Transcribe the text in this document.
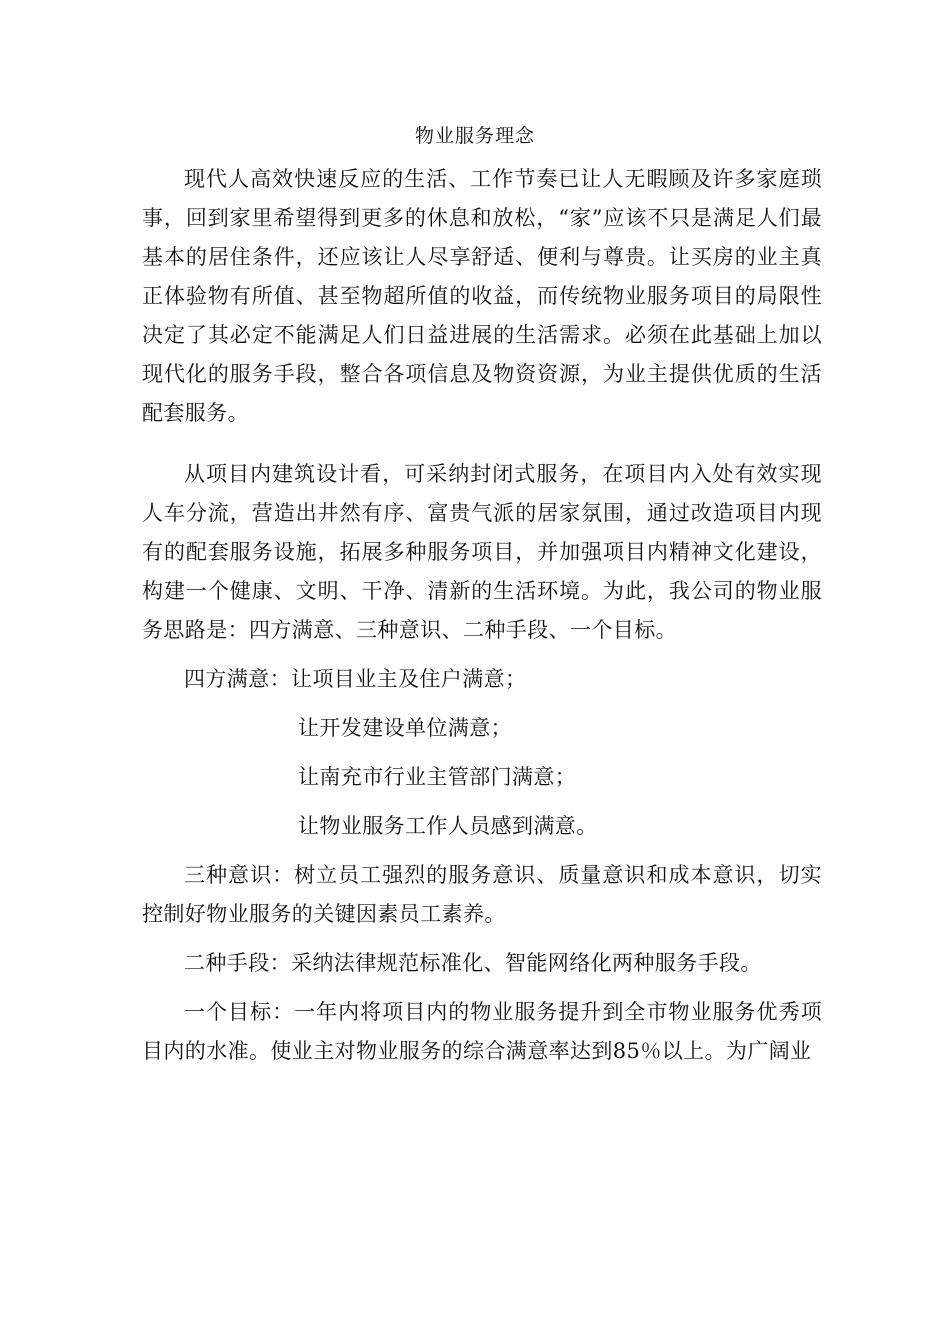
物业服务理念

现代人高效快速反应的生活、工作节奏已让人无暇顾及许多家庭琐事，回到家里希望得到更多的休息和放松，“家”应该不只是满足人们最基本的居住条件，还应该让人尽享舒适、便利与尊贵。让买房的业主真正体验物有所值、甚至物超所值的收益，而传统物业服务项目的局限性决定了其必定不能满足人们日益进展的生活需求。必须在此基础上加以现代化的服务手段，整合各项信息及物资资源，为业主提供优质的生活配套服务。

从项目内建筑设计看，可采纳封闭式服务，在项目内入处有效实现人车分流，营造出井然有序、富贵气派的居家氛围，通过改造项目内现有的配套服务设施，拓展多种服务项目，并加强项目内精神文化建设，构建一个健康、文明、干净、清新的生活环境。为此，我公司的物业服务思路是：四方满意、三种意识、二种手段、一个目标。

四方满意：让项目业主及住户满意；

让开发建设单位满意；

让南充市行业主管部门满意；

让物业服务工作人员感到满意。

三种意识：树立员工强烈的服务意识、质量意识和成本意识，切实控制好物业服务的关键因素员工素养。

二种手段：采纳法律规范标准化、智能网络化两种服务手段。

一个目标：一年内将项目内的物业服务提升到全市物业服务优秀项目内的水准。使业主对物业服务的综合满意率达到85％以上。为广阔业
